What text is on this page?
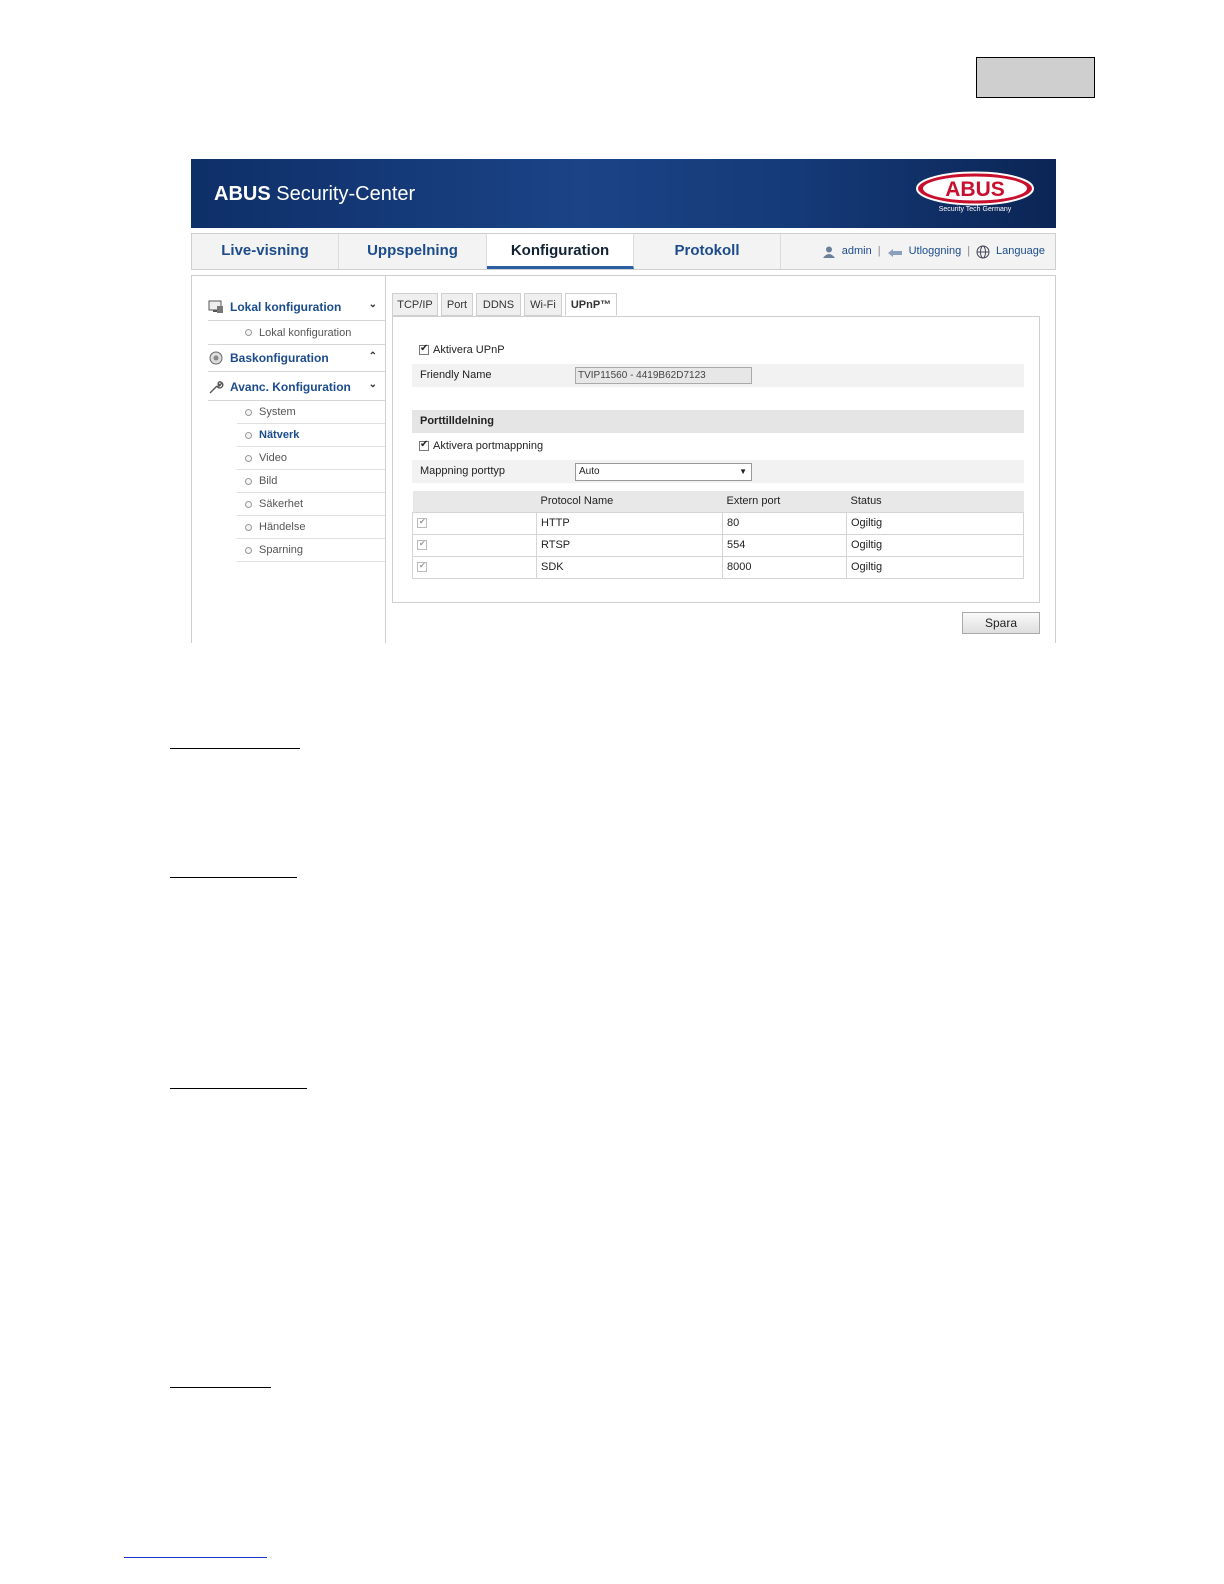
ABUS Security-Center	ABUS
Security Tech Germany
Live-visning	Uppspelning	Konfiguration	Protokoll	admin |	Utloggning | Language
Lokal konfiguration	⌄
Lokal konfiguration
Baskonfiguration	⌃
Avanc. Konfiguration ⌄
System
Nätverk
Video
Bild
Säkerhet
Händelse
Sparning
TCP/IP	Port	DDNS	Wi-Fi	UPnP™
✔Aktivera UPnP
Friendly Name	TVIP11560 - 4419B62D7123
Porttilldelning
✔Aktivera portmappning
Mappning porttyp	Auto	▼
	Protocol Name	Extern port	Status
✔	HTTP	80	Ogiltig
✔	RTSP	554	Ogiltig
✔	SDK	8000	Ogiltig
Spara
